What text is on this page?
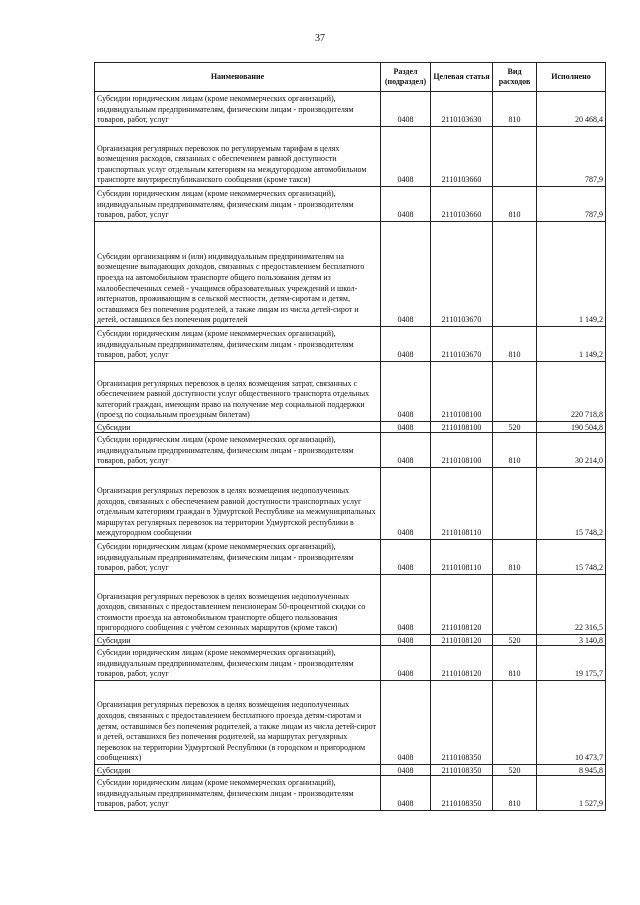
37
Наименование	Раздел (подраздел)	Целевая статья	Вид расходов	Исполнено
Субсидии юридическим лицам (кроме некоммерческих организаций), индивидуальным предпринимателям, физическим лицам - производителям товаров, работ, услуг	0408	2110103630	810	20 468,4
Организация регулярных перевозок по регулируемым тарифам в целях возмещения расходов, связанных с обеспечением равной доступности транспортных услуг отдельным категориям на междугородном автомобильном транспорте внутриреспубликанского сообщения (кроме такси)	0408	2110103660		787,9
Субсидии юридическим лицам (кроме некоммерческих организаций), индивидуальным предпринимателям, физическим лицам - производителям товаров, работ, услуг	0408	2110103660	810	787,9
Субсидии организациям и (или) индивидуальным предпринимателям на возмещение выпадающих доходов, связанных с предоставлением бесплатного проезда на автомобильном транспорте общего пользования детям из малообеспеченных семей - учащимся образовательных учреждений и школ-интернатов, проживающим в сельской местности, детям-сиротам и детям, оставшимся без попечения родителей, а также лицам из числа детей-сирот и детей, оставшихся без попечения родителей	0408	2110103670		1 149,2
Субсидии юридическим лицам (кроме некоммерческих организаций), индивидуальным предпринимателям, физическим лицам - производителям товаров, работ, услуг	0408	2110103670	810	1 149,2
Организация регулярных перевозок в целях возмещения затрат, связанных с обеспечением равной доступности услуг общественного транспорта отдельных категорий граждан, имеющим право на получение мер социальной поддержки (проезд по социальным проездным билетам)	0408	2110108100		220 718,8
Субсидии	0408	2110108100	520	190 504,8
Субсидии юридическим лицам (кроме некоммерческих организаций), индивидуальным предпринимателям, физическим лицам - производителям товаров, работ, услуг	0408	2110108100	810	30 214,0
Организация регулярных перевозок в целях возмещения недополученных доходов, связанных с обеспечением равной доступности транспортных услуг отдельным категориям граждан в Удмуртской Республике на межмуниципальных маршрутах регулярных перевозок на территории Удмуртской республики в междугородном сообщении	0408	2110108110		15 748,2
Субсидии юридическим лицам (кроме некоммерческих организаций), индивидуальным предпринимателям, физическим лицам - производителям товаров, работ, услуг	0408	2110108110	810	15 748,2
Организация регулярных перевозок в целях возмещения недополученных доходов, связанных с предоставлением пенсионерам 50-процентной скидки со стоимости проезда на автомобильном транспорте общего пользования пригородного сообщения с учётом сезонных маршрутов (кроме такси)	0408	2110108120		22 316,5
Субсидии	0408	2110108120	520	3 140,8
Субсидии юридическим лицам (кроме некоммерческих организаций), индивидуальным предпринимателям, физическим лицам - производителям товаров, работ, услуг	0408	2110108120	810	19 175,7
Организация регулярных перевозок в целях возмещения недополученных доходов, связанных с предоставлением бесплатного проезда детям-сиротам и детям, оставшимся без попечения родителей, а также лицам из числа детей-сирот и детей, оставшихся без попечения родителей, на маршрутах регулярных перевозок на территории Удмуртской Республики (в городском и пригородном сообщениях)	0408	2110108350		10 473,7
Субсидии	0408	2110108350	520	8 945,8
Субсидии юридическим лицам (кроме некоммерческих организаций), индивидуальным предпринимателям, физическим лицам - производителям товаров, работ, услуг	0408	2110108350	810	1 527,9
